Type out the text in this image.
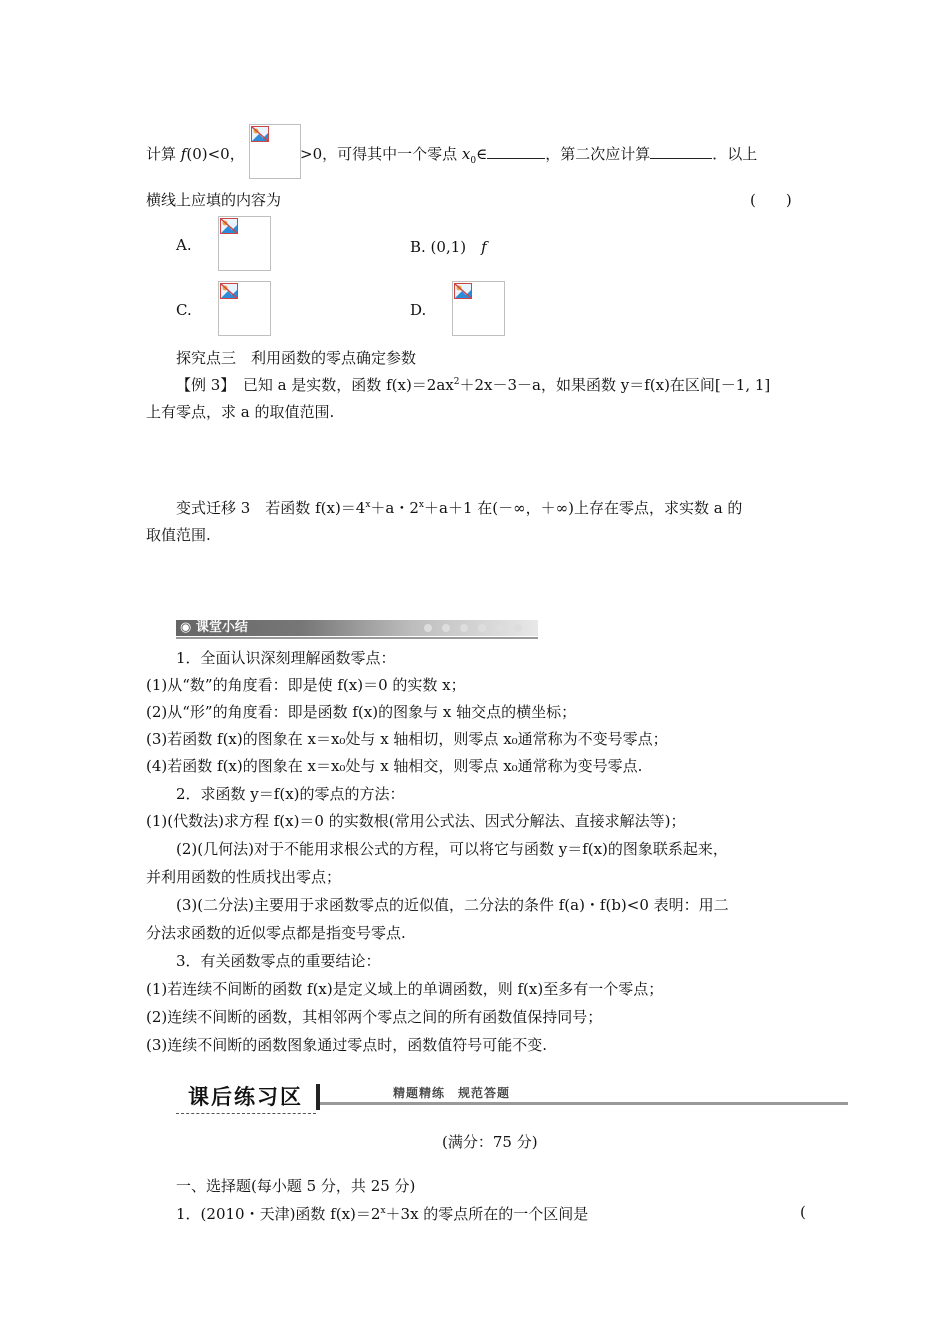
计算 f(0)<0，	>0，可得其中一个零点 $x_0\in$	，第二次应计算	．以上
横线上应填的内容为	(　　)
A.	B. (0,1)　 f
C.	D.
探究点三　利用函数的零点确定参数
【例 3】　 已知 a 是实数，函数 $f(x)=2ax^2+2x-3-a$，如果函数 y＝f(x)在区间[－1, 1]
上有零点，求 a 的取值范围.
变式迁移 3　若函数 $f(x)=4^x+a$・$2^x+a+1$ 在(－∞，＋∞)上存在零点，求实数 a 的
取值范围.
◉ 课堂小结
1．全面认识深刻理解函数零点：
(1)从“数”的角度看：即是使 f(x)＝0 的实数 x；
(2)从“形”的角度看：即是函数 f(x)的图象与 x 轴交点的横坐标；
(3)若函数 f(x)的图象在 x＝x₀处与 x 轴相切，则零点 x₀通常称为不变号零点；
(4)若函数 f(x)的图象在 x＝x₀处与 x 轴相交，则零点 x₀通常称为变号零点.
2．求函数 y＝f(x)的零点的方法：
(1)(代数法)求方程 f(x)＝0 的实数根(常用公式法、因式分解法、直接求解法等)；
(2)(几何法)对于不能用求根公式的方程，可以将它与函数 y＝f(x)的图象联系起来，
并利用函数的性质找出零点；
(3)(二分法)主要用于求函数零点的近似值，二分法的条件 f(a)・f(b)<0 表明：用二
分法求函数的近似零点都是指变号零点.
3．有关函数零点的重要结论：
(1)若连续不间断的函数 f(x)是定义域上的单调函数，则 f(x)至多有一个零点；
(2)连续不间断的函数，其相邻两个零点之间的所有函数值保持同号；
(3)连续不间断的函数图象通过零点时，函数值符号可能不变.
课后练习区	精题精练　规范答题
(满分：75 分)
一、选择题(每小题 5 分，共 25 分)
1．(2010・天津)函数 $f(x)=2^x+3x$ 的零点所在的一个区间是	(
